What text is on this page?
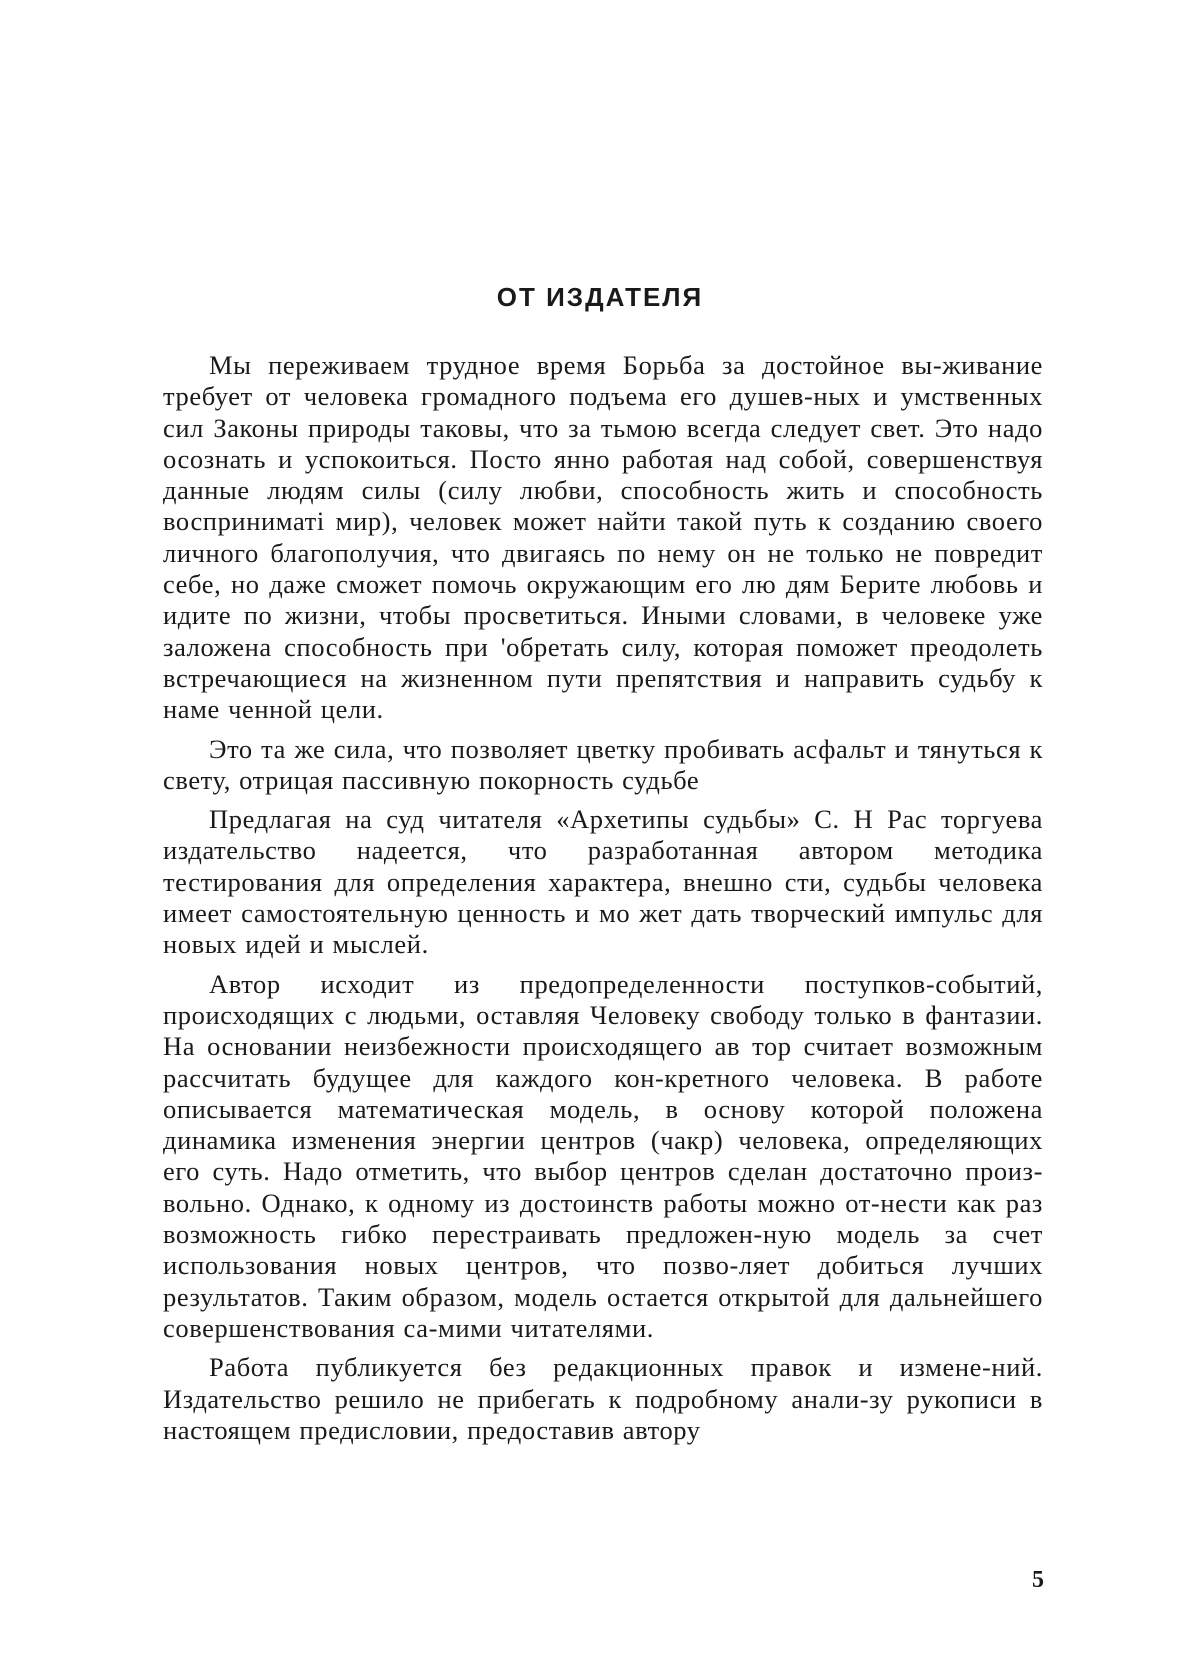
ОТ ИЗДАТЕЛЯ

Мы переживаем трудное время Борьба за достойное вы-живание требует от человека громадного подъема его душев-ных и умственных сил Законы природы таковы, что за тьмою всегда следует свет. Это надо осознать и успокоиться. Посто янно работая над собой, совершенствуя данные людям силы (силу любви, способность жить и способность восприниматі мир), человек может найти такой путь к созданию своего личного благополучия, что двигаясь по нему он не только не повредит себе, но даже сможет помочь окружающим его лю дям Берите любовь и идите по жизни, чтобы просветиться. Иными словами, в человеке уже заложена способность при 'обретать силу, которая поможет преодолеть встречающиеся на жизненном пути препятствия и направить судьбу к наме ченной цели.

Это та же сила, что позволяет цветку пробивать асфальт и тянуться к свету, отрицая пассивную покорность судьбе

Предлагая на суд читателя «Архетипы судьбы» С. Н Рас торгуева издательство надеется, что разработанная автором методика тестирования для определения характера, внешно сти, судьбы человека имеет самостоятельную ценность и мо жет дать творческий импульс для новых идей и мыслей.

Автор исходит из предопределенности поступков-событий, происходящих с людьми, оставляя Человеку свободу только в фантазии. На основании неизбежности происходящего ав тор считает возможным рассчитать будущее для каждого кон-кретного человека. В работе описывается математическая модель, в основу которой положена динамика изменения энергии центров (чакр) человека, определяющих его суть. Надо отметить, что выбор центров сделан достаточно произ-вольно. Однако, к одному из достоинств работы можно от-нести как раз возможность гибко перестраивать предложен-ную модель за счет использования новых центров, что позво-ляет добиться лучших результатов. Таким образом, модель остается открытой для дальнейшего совершенствования са-мими читателями.

Работа публикуется без редакционных правок и измене-ний. Издательство решило не прибегать к подробному анали-зу рукописи в настоящем предисловии, предоставив автору

5
